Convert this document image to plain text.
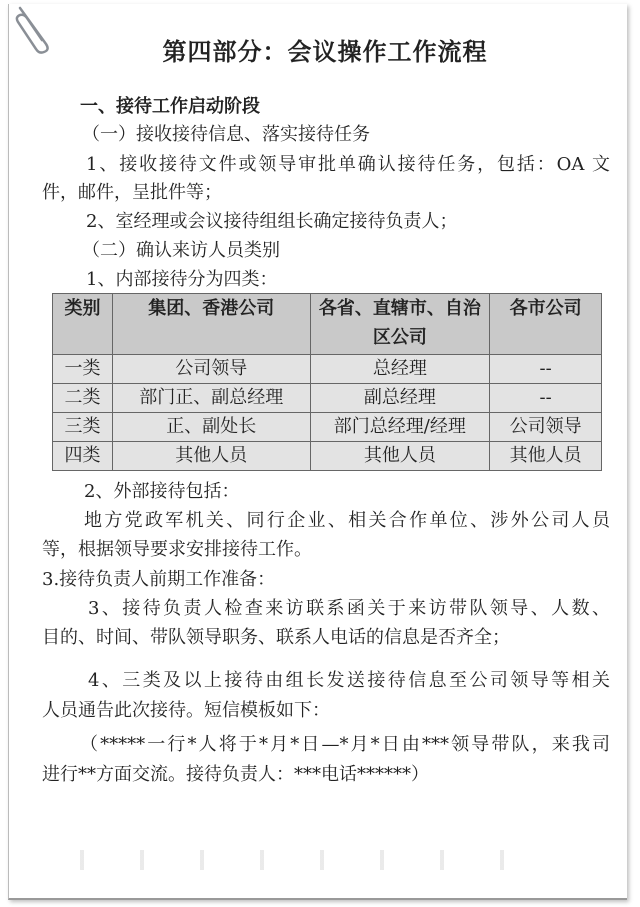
第四部分：会议操作工作流程
一、接待工作启动阶段
（一）接收接待信息、落实接待任务
1、接收接待文件或领导审批单确认接待任务，包括：OA 文
件，邮件，呈批件等；
2、室经理或会议接待组组长确定接待负责人；
（二）确认来访人员类别
1、内部接待分为四类：
类别	集团、香港公司	各省、直辖市、自治区公司	各市公司
一类	公司领导	总经理	--
二类	部门正、副总经理	副总经理	--
三类	正、副处长	部门总经理/经理	公司领导
四类	其他人员	其他人员	其他人员
2、外部接待包括：
地方党政军机关、同行企业、相关合作单位、涉外公司人员
等，根据领导要求安排接待工作。
3.接待负责人前期工作准备：
3、接待负责人检查来访联系函关于来访带队领导、人数、
目的、时间、带队领导职务、联系人电话的信息是否齐全；
4、三类及以上接待由组长发送接待信息至公司领导等相关
人员通告此次接待。短信模板如下：
（*****一行*人将于*月*日—*月*日由***领导带队，来我司
进行**方面交流。接待负责人：***电话******）
